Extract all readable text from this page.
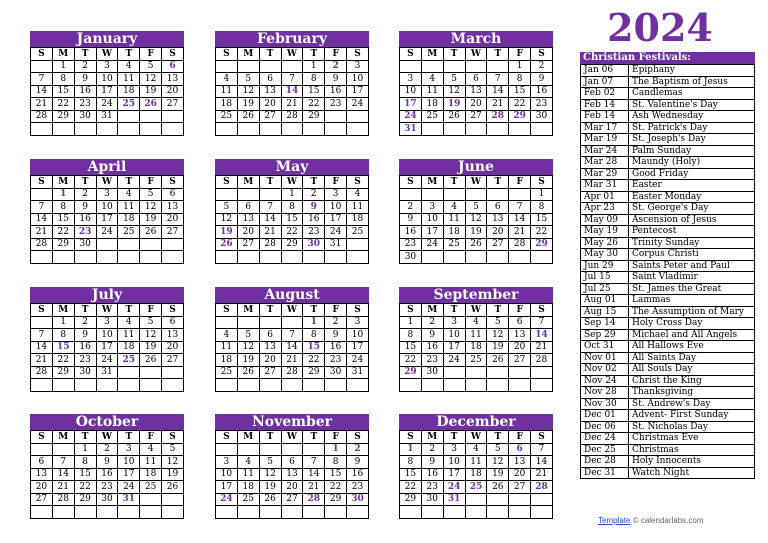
2024
January
S	M	T	W	T	F	S
	1	2	3	4	5	6
7	8	9	10	11	12	13
14	15	16	17	18	19	20
21	22	23	24	25	26	27
28	29	30	31			

February
S	M	T	W	T	F	S
				1	2	3
4	5	6	7	8	9	10
11	12	13	14	15	16	17
18	19	20	21	22	23	24
25	26	27	28	29		

March
S	M	T	W	T	F	S
					1	2
3	4	5	6	7	8	9
10	11	12	13	14	15	16
17	18	19	20	21	22	23
24	25	26	27	28	29	30
31						
April
S	M	T	W	T	F	S
	1	2	3	4	5	6
7	8	9	10	11	12	13
14	15	16	17	18	19	20
21	22	23	24	25	26	27
28	29	30				

May
S	M	T	W	T	F	S
			1	2	3	4
5	6	7	8	9	10	11
12	13	14	15	16	17	18
19	20	21	22	23	24	25
26	27	28	29	30	31	

June
S	M	T	W	T	F	S
						1
2	3	4	5	6	7	8
9	10	11	12	13	14	15
16	17	18	19	20	21	22
23	24	25	26	27	28	29
30						
July
S	M	T	W	T	F	S
	1	2	3	4	5	6
7	8	9	10	11	12	13
14	15	16	17	18	19	20
21	22	23	24	25	26	27
28	29	30	31			

August
S	M	T	W	T	F	S
				1	2	3
4	5	6	7	8	9	10
11	12	13	14	15	16	17
18	19	20	21	22	23	24
25	26	27	28	29	30	31

September
S	M	T	W	T	F	S
1	2	3	4	5	6	7
8	9	10	11	12	13	14
15	16	17	18	19	20	21
22	23	24	25	26	27	28
29	30					

October
S	M	T	W	T	F	S
		1	2	3	4	5
6	7	8	9	10	11	12
13	14	15	16	17	18	19
20	21	22	23	24	25	26
27	28	29	30	31		

November
S	M	T	W	T	F	S
					1	2
3	4	5	6	7	8	9
10	11	12	13	14	15	16
17	18	19	20	21	22	23
24	25	26	27	28	29	30

December
S	M	T	W	T	F	S
1	2	3	4	5	6	7
8	9	10	11	12	13	14
15	16	17	18	19	20	21
22	23	24	25	26	27	28
29	30	31				

Christian Festivals:
Jan 06	Epiphany
Jan 07	The Baptism of Jesus
Feb 02	Candlemas
Feb 14	St. Valentine's Day
Feb 14	Ash Wednesday
Mar 17	St. Patrick's Day
Mar 19	St. Joseph's Day
Mar 24	Palm Sunday
Mar 28	Maundy (Holy)
Mar 29	Good Friday
Mar 31	Easter
Apr 01	Easter Monday
Apr 23	St. George's Day
May 09	Ascension of Jesus
May 19	Pentecost
May 26	Trinity Sunday
May 30	Corpus Christi
Jun 29	Saints Peter and Paul
Jul 15	Saint Vladimir
Jul 25	St. James the Great
Aug 01	Lammas
Aug 15	The Assumption of Mary
Sep 14	Holy Cross Day
Sep 29	Michael and All Angels
Oct 31	All Hallows Eve
Nov 01	All Saints Day
Nov 02	All Souls Day
Nov 24	Christ the King
Nov 28	Thanksgiving
Nov 30	St. Andrew's Day
Dec 01	Advent- First Sunday
Dec 06	St. Nicholas Day
Dec 24	Christmas Eve
Dec 25	Christmas
Dec 28	Holy Innocents
Dec 31	Watch Night
Template © calendarlabs.com
